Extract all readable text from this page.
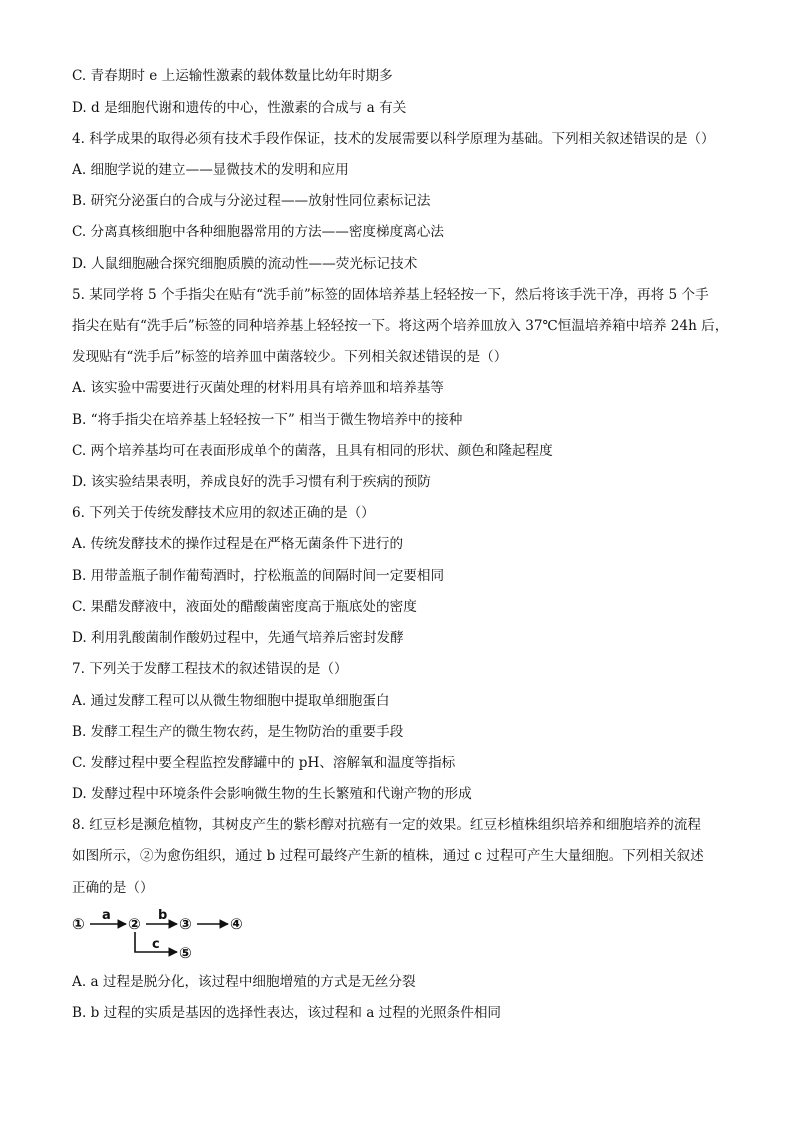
C. 青春期时 e 上运输性激素的载体数量比幼年时期多
D. d 是细胞代谢和遗传的中心，性激素的合成与 a 有关
4. 科学成果的取得必须有技术手段作保证，技术的发展需要以科学原理为基础。下列相关叙述错误的是（）
A. 细胞学说的建立——显微技术的发明和应用
B. 研究分泌蛋白的合成与分泌过程——放射性同位素标记法
C. 分离真核细胞中各种细胞器常用的方法——密度梯度离心法
D. 人鼠细胞融合探究细胞质膜的流动性——荧光标记技术
5. 某同学将 5 个手指尖在贴有“洗手前”标签的固体培养基上轻轻按一下，然后将该手洗干净，再将 5 个手
指尖在贴有“洗手后”标签的同种培养基上轻轻按一下。将这两个培养皿放入 37℃恒温培养箱中培养 24h 后，
发现贴有“洗手后”标签的培养皿中菌落较少。下列相关叙述错误的是（）
A. 该实验中需要进行灭菌处理的材料用具有培养皿和培养基等
B. “将手指尖在培养基上轻轻按一下” 相当于微生物培养中的接种
C. 两个培养基均可在表面形成单个的菌落，且具有相同的形状、颜色和隆起程度
D. 该实验结果表明，养成良好的洗手习惯有利于疾病的预防
6. 下列关于传统发酵技术应用的叙述正确的是（）
A. 传统发酵技术的操作过程是在严格无菌条件下进行的
B. 用带盖瓶子制作葡萄酒时，拧松瓶盖的间隔时间一定要相同
C. 果醋发酵液中，液面处的醋酸菌密度高于瓶底处的密度
D. 利用乳酸菌制作酸奶过程中，先通气培养后密封发酵
7. 下列关于发酵工程技术的叙述错误的是（）
A. 通过发酵工程可以从微生物细胞中提取单细胞蛋白
B. 发酵工程生产的微生物农药，是生物防治的重要手段
C. 发酵过程中要全程监控发酵罐中的 pH、溶解氧和温度等指标
D. 发酵过程中环境条件会影响微生物的生长繁殖和代谢产物的形成
8. 红豆杉是濒危植物，其树皮产生的紫杉醇对抗癌有一定的效果。红豆杉植株组织培养和细胞培养的流程
如图所示，②为愈伤组织，通过 b 过程可最终产生新的植株，通过 c 过程可产生大量细胞。下列相关叙述
正确的是（）
①	②	③	④
⑤
a	b
c
A. a 过程是脱分化，该过程中细胞增殖的方式是无丝分裂
B. b 过程的实质是基因的选择性表达，该过程和 a 过程的光照条件相同
